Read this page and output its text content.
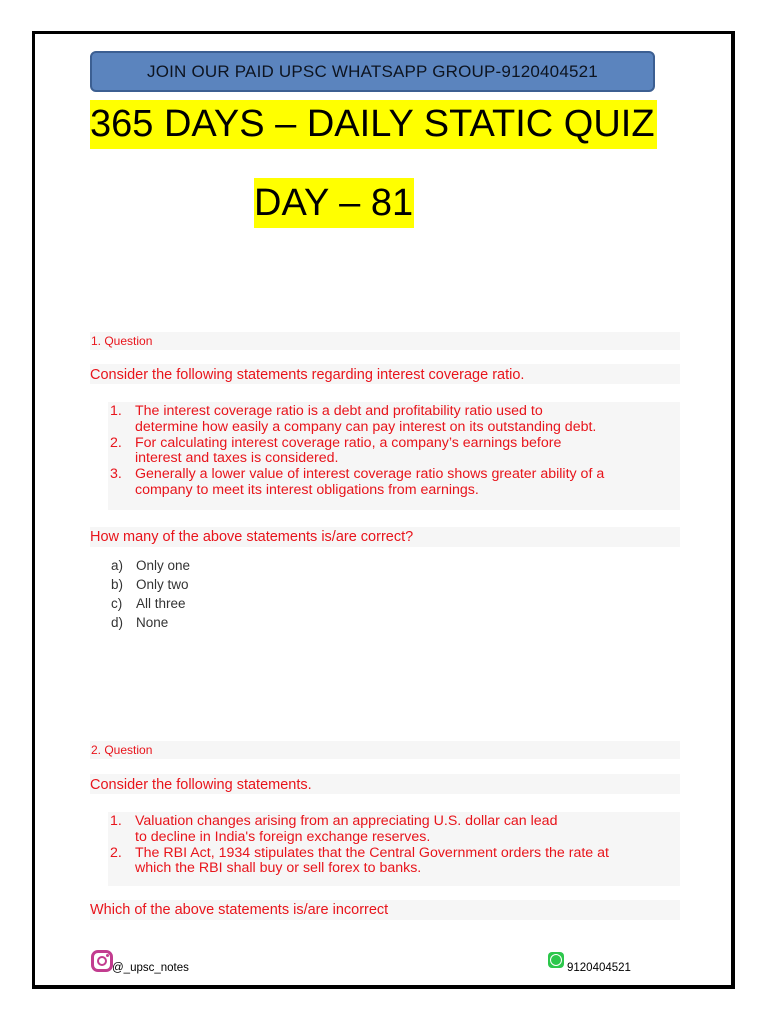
JOIN OUR PAID UPSC WHATSAPP GROUP-9120404521
365 DAYS – DAILY STATIC QUIZ
DAY – 81
1. Question
Consider the following statements regarding interest coverage ratio.
1. The interest coverage ratio is a debt and profitability ratio used to
determine how easily a company can pay interest on its outstanding debt.
2. For calculating interest coverage ratio, a company’s earnings before
interest and taxes is considered.
3. Generally a lower value of interest coverage ratio shows greater ability of a
company to meet its interest obligations from earnings.
How many of the above statements is/are correct?
a) Only one
b) Only two
c) All three
d) None
2. Question
Consider the following statements.
1. Valuation changes arising from an appreciating U.S. dollar can lead
to decline in India's foreign exchange reserves.
2. The RBI Act, 1934 stipulates that the Central Government orders the rate at
which the RBI shall buy or sell forex to banks.
Which of the above statements is/are incorrect
@_upsc_notes	9120404521
